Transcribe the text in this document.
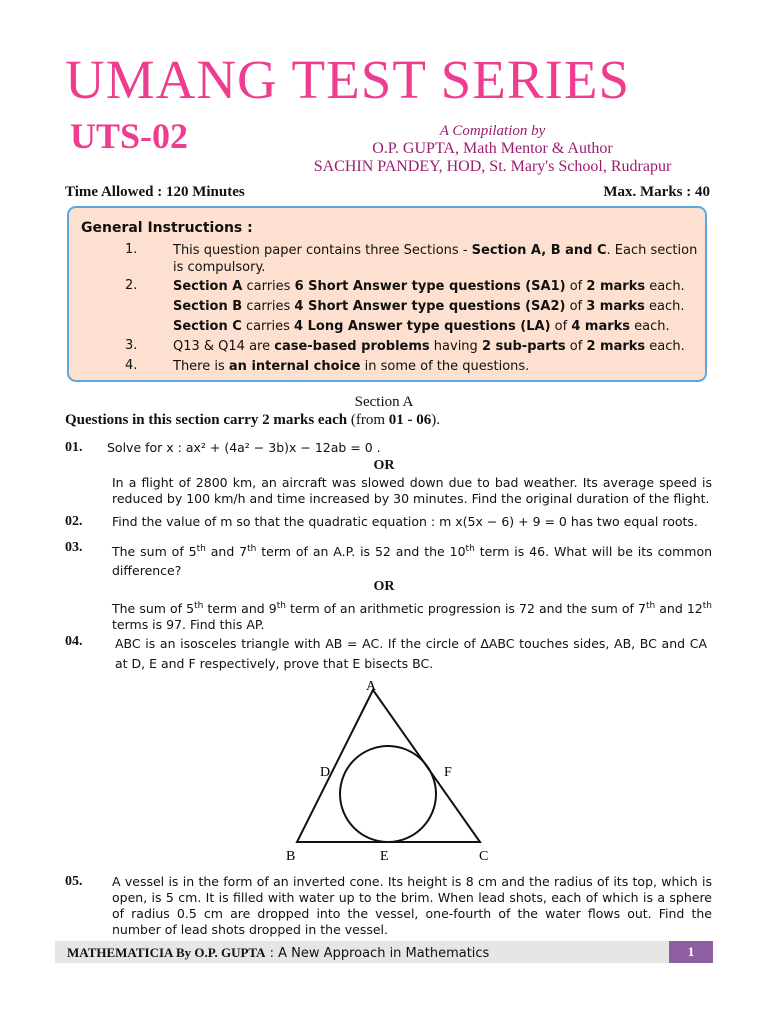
UMANG TEST SERIES
UTS-02	A Compilation by
O.P. GUPTA, Math Mentor & Author
SACHIN PANDEY, HOD, St. Mary's School, Rudrapur
Time Allowed : 120 Minutes	Max. Marks : 40
General Instructions :
1.	This question paper contains three Sections - Section A, B and C. Each section is compulsory.
2.	Section A carries 6 Short Answer type questions (SA1) of 2 marks each.
Section B carries 4 Short Answer type questions (SA2) of 3 marks each.
Section C carries 4 Long Answer type questions (LA) of 4 marks each.
3.	Q13 & Q14 are case-based problems having 2 sub-parts of 2 marks each.
4.	There is an internal choice in some of the questions.
Section A
Questions in this section carry 2 marks each (from 01 - 06).
01. Solve for x : ax² + (4a² − 3b)x − 12ab = 0 .
OR
In a flight of 2800 km, an aircraft was slowed down due to bad weather. Its average speed is reduced by 100 km/h and time increased by 30 minutes. Find the original duration of the flight.
02. Find the value of m so that the quadratic equation : m x(5x − 6) + 9 = 0 has two equal roots.
03. The sum of 5th and 7th term of an A.P. is 52 and the 10th term is 46. What will be its common difference?
OR
The sum of 5th term and 9th term of an arithmetic progression is 72 and the sum of 7th and 12th terms is 97. Find this AP.
04.	ABC is an isosceles triangle with AB = AC. If the circle of ΔABC touches sides, AB, BC and CA at D, E and F respectively, prove that E bisects BC.
A
B	C
D
E
F
05. A vessel is in the form of an inverted cone. Its height is 8 cm and the radius of its top, which is open, is 5 cm. It is filled with water up to the brim. When lead shots, each of which is a sphere of radius 0.5 cm are dropped into the vessel, one-fourth of the water flows out. Find the number of lead shots dropped in the vessel.
MATHEMATICIA By O.P. GUPTA : A New Approach in Mathematics	1
